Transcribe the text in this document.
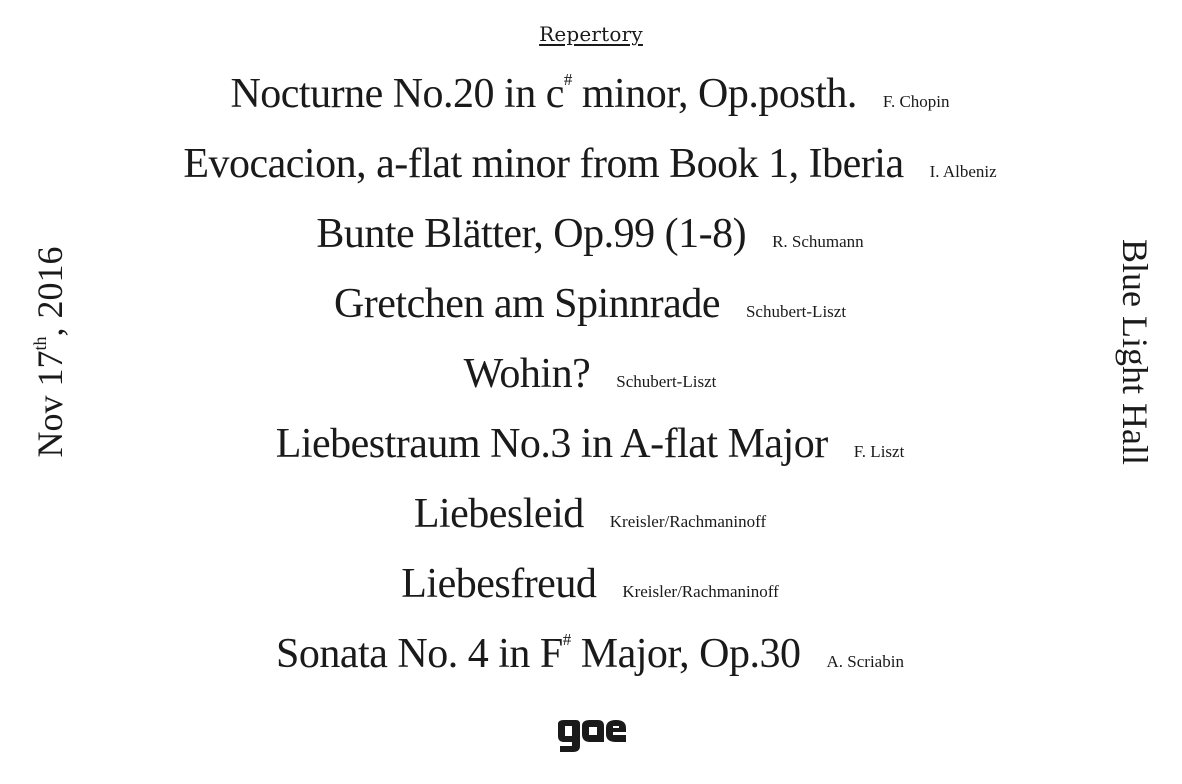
Repertory
Nocturne No.20 in c# minor, Op.posth. F. Chopin
Evocacion, a-flat minor from Book 1, Iberia I. Albeniz
Bunte Blätter, Op.99 (1-8) R. Schumann
Gretchen am Spinnrade Schubert-Liszt
Wohin? Schubert-Liszt
Liebestraum No.3 in A-flat Major F. Liszt
Liebesleid Kreisler/Rachmaninoff
Liebesfreud Kreisler/Rachmaninoff
Sonata No. 4 in F# Major, Op.30 A. Scriabin
Nov 17th, 2016	Blue Light Hall
